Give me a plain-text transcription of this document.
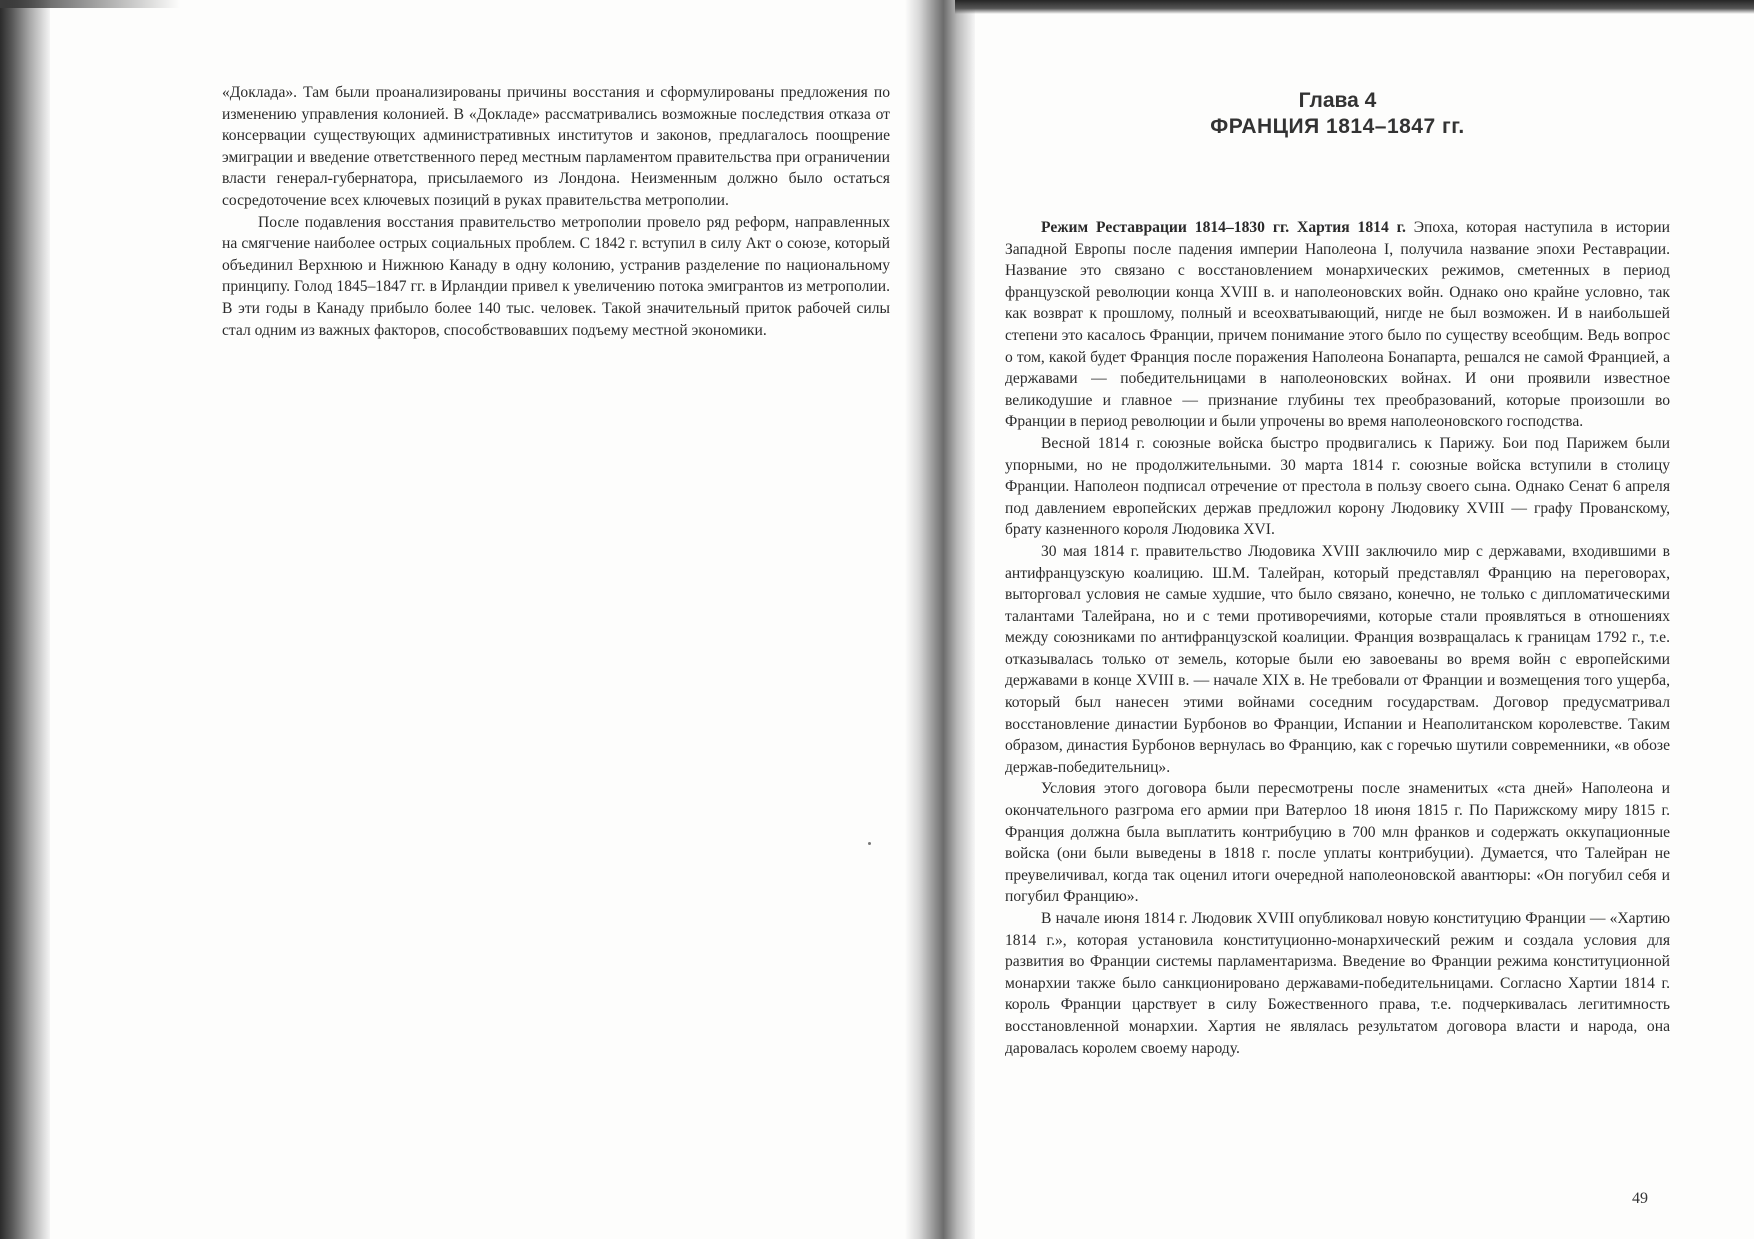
«Доклада». Там были проанализированы причины восстания и сформулированы предложения по изменению управления колонией. В «Докладе» рассматривались возможные последствия отказа от консервации существующих административных институтов и законов, предлагалось поощрение эмиграции и введение ответственного перед местным парламентом правительства при ограничении власти генерал-губернатора, присылаемого из Лондона. Неизменным должно было остаться сосредоточение всех ключевых позиций в руках правительства метрополии.

После подавления восстания правительство метрополии провело ряд реформ, направленных на смягчение наиболее острых социальных проблем. С 1842 г. вступил в силу Акт о союзе, который объединил Верхнюю и Нижнюю Канаду в одну колонию, устранив разделение по национальному принципу. Голод 1845–1847 гг. в Ирландии привел к увеличению потока эмигрантов из метрополии. В эти годы в Канаду прибыло более 140 тыс. человек. Такой значительный приток рабочей силы стал одним из важных факторов, способствовавших подъему местной экономики.

Глава 4
ФРАНЦИЯ 1814–1847 гг.

Режим Реставрации 1814–1830 гг. Хартия 1814 г. Эпоха, которая наступила в истории Западной Европы после падения империи Наполеона I, получила название эпохи Реставрации. Название это связано с восстановлением монархических режимов, сметенных в период французской революции конца XVIII в. и наполеоновских войн. Однако оно крайне условно, так как возврат к прошлому, полный и всеохватывающий, нигде не был возможен. И в наибольшей степени это касалось Франции, причем понимание этого было по существу всеобщим. Ведь вопрос о том, какой будет Франция после поражения Наполеона Бонапарта, решался не самой Францией, а державами — победительницами в наполеоновских войнах. И они проявили известное великодушие и главное — признание глубины тех преобразований, которые произошли во Франции в период революции и были упрочены во время наполеоновского господства.

Весной 1814 г. союзные войска быстро продвигались к Парижу. Бои под Парижем были упорными, но не продолжительными. 30 марта 1814 г. союзные войска вступили в столицу Франции. Наполеон подписал отречение от престола в пользу своего сына. Однако Сенат 6 апреля под давлением европейских держав предложил корону Людовику XVIII — графу Прованскому, брату казненного короля Людовика XVI.

30 мая 1814 г. правительство Людовика XVIII заключило мир с державами, входившими в антифранцузскую коалицию. Ш.М. Талейран, который представлял Францию на переговорах, выторговал условия не самые худшие, что было связано, конечно, не только с дипломатическими талантами Талейрана, но и с теми противоречиями, которые стали проявляться в отношениях между союзниками по антифранцузской коалиции. Франция возвращалась к границам 1792 г., т.е. отказывалась только от земель, которые были ею завоеваны во время войн с европейскими державами в конце XVIII в. — начале XIX в. Не требовали от Франции и возмещения того ущерба, который был нанесен этими войнами соседним государствам. Договор предусматривал восстановление династии Бурбонов во Франции, Испании и Неаполитанском королевстве. Таким образом, династия Бурбонов вернулась во Францию, как с горечью шутили современники, «в обозе держав-победительниц».

Условия этого договора были пересмотрены после знаменитых «ста дней» Наполеона и окончательного разгрома его армии при Ватерлоо 18 июня 1815 г. По Парижскому миру 1815 г. Франция должна была выплатить контрибуцию в 700 млн франков и содержать оккупационные войска (они были выведены в 1818 г. после уплаты контрибуции). Думается, что Талейран не преувеличивал, когда так оценил итоги очередной наполеоновской авантюры: «Он погубил себя и погубил Францию».

В начале июня 1814 г. Людовик XVIII опубликовал новую конституцию Франции — «Хартию 1814 г.», которая установила конституционно-монархический режим и создала условия для развития во Франции системы парламентаризма. Введение во Франции режима конституционной монархии также было санкционировано державами-победительницами. Согласно Хартии 1814 г. король Франции царствует в силу Божественного права, т.е. подчеркивалась легитимность восстановленной монархии. Хартия не являлась результатом договора власти и народа, она даровалась королем своему народу.

49
